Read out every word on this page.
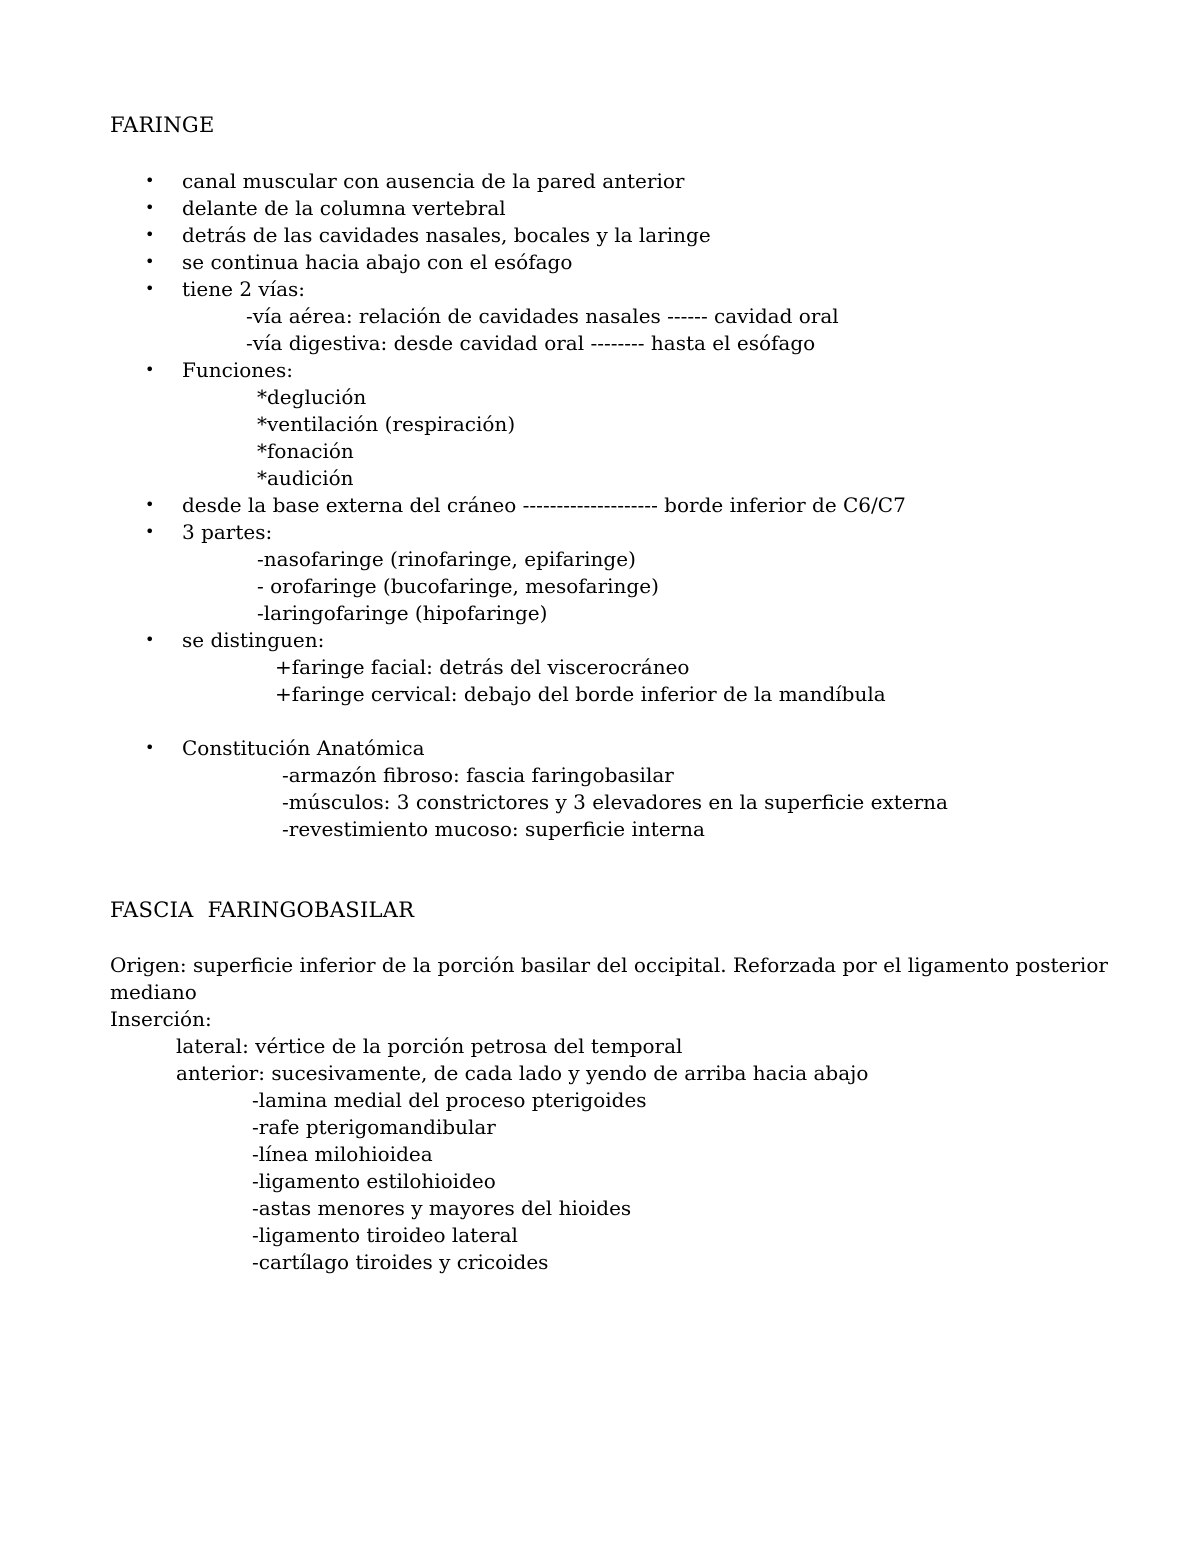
FARINGE
• canal muscular con ausencia de la pared anterior
• delante de la columna vertebral
• detrás de las cavidades nasales, bocales y la laringe
• se continua hacia abajo con el esófago
• tiene 2 vías:
-vía aérea: relación de cavidades nasales ------ cavidad oral
-vía digestiva: desde cavidad oral -------- hasta el esófago
• Funciones:
*deglución
*ventilación (respiración)
*fonación
*audición
• desde la base externa del cráneo -------------------- borde inferior de C6/C7
• 3 partes:
-nasofaringe (rinofaringe, epifaringe)
- orofaringe (bucofaringe, mesofaringe)
-laringofaringe (hipofaringe)
• se distinguen:
+faringe facial: detrás del viscerocráneo
+faringe cervical: debajo del borde inferior de la mandíbula
• Constitución Anatómica
-armazón fibroso: fascia faringobasilar
-músculos: 3 constrictores y 3 elevadores en la superficie externa
-revestimiento mucoso: superficie interna
FASCIA  FARINGOBASILAR
Origen: superficie inferior de la porción basilar del occipital. Reforzada por el ligamento posterior
mediano
Inserción:
lateral: vértice de la porción petrosa del temporal
anterior: sucesivamente, de cada lado y yendo de arriba hacia abajo
-lamina medial del proceso pterigoides
-rafe pterigomandibular
-línea milohioidea
-ligamento estilohioideo
-astas menores y mayores del hioides
-ligamento tiroideo lateral
-cartílago tiroides y cricoides
